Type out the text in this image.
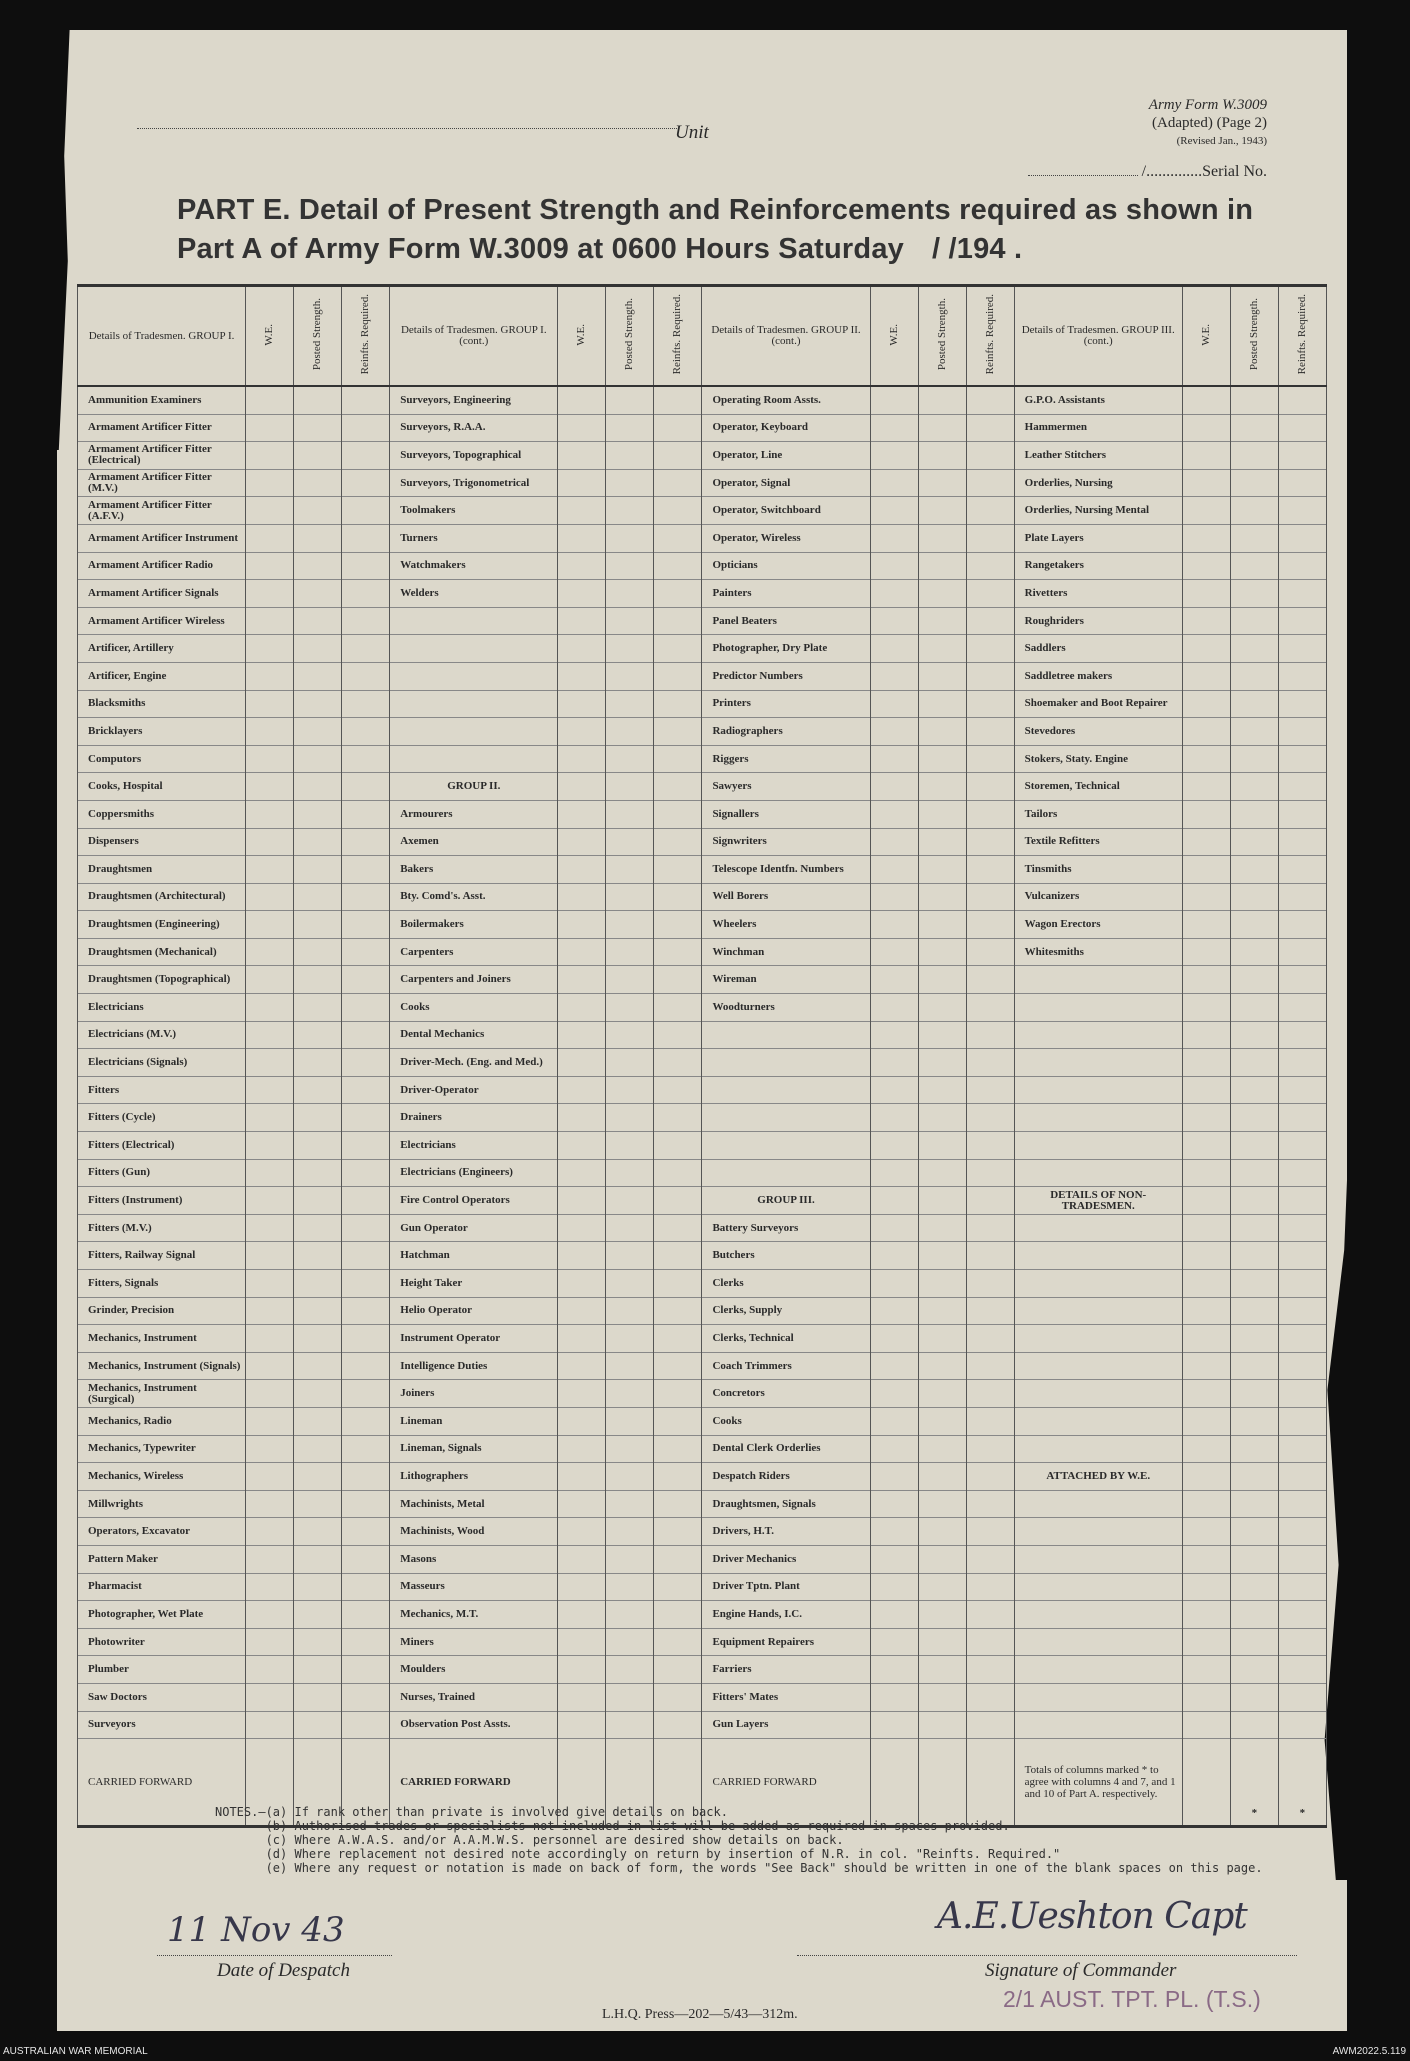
Unit
Army Form W.3009
(Adapted) (Page 2)
(Revised Jan., 1943)
/..............Serial No.
PART E. Detail of Present Strength and Reinforcements required as shown in
Part A of Army Form W.3009 at 0600 Hours Saturday / /194 .
Details of Tradesmen. GROUP I.	W.E.	Posted Strength.	Reinfts. Required.	Details of Tradesmen. GROUP I. (cont.)	W.E.	Posted Strength.	Reinfts. Required.	Details of Tradesmen. GROUP II. (cont.)	W.E.	Posted Strength.	Reinfts. Required.	Details of Tradesmen. GROUP III. (cont.)	W.E.	Posted Strength.	Reinfts. Required.
Ammunition Examiners				Surveyors, Engineering				Operating Room Assts.				G.P.O. Assistants			
Armament Artificer Fitter				Surveyors, R.A.A.				Operator, Keyboard				Hammermen			
Armament Artificer Fitter (Electrical)				Surveyors, Topographical				Operator, Line				Leather Stitchers			
Armament Artificer Fitter (M.V.)				Surveyors, Trigonometrical				Operator, Signal				Orderlies, Nursing			
Armament Artificer Fitter (A.F.V.)				Toolmakers				Operator, Switchboard				Orderlies, Nursing Mental			
Armament Artificer Instrument				Turners				Operator, Wireless				Plate Layers			
Armament Artificer Radio				Watchmakers				Opticians				Rangetakers			
Armament Artificer Signals				Welders				Painters				Rivetters			
Armament Artificer Wireless								Panel Beaters				Roughriders			
Artificer, Artillery								Photographer, Dry Plate				Saddlers			
Artificer, Engine								Predictor Numbers				Saddletree makers			
Blacksmiths								Printers				Shoemaker and Boot Repairer			
Bricklayers								Radiographers				Stevedores			
Computors								Riggers				Stokers, Staty. Engine			
Cooks, Hospital				GROUP II.				Sawyers				Storemen, Technical			
Coppersmiths				Armourers				Signallers				Tailors			
Dispensers				Axemen				Signwriters				Textile Refitters			
Draughtsmen				Bakers				Telescope Identfn. Numbers				Tinsmiths			
Draughtsmen (Architectural)				Bty. Comd's. Asst.				Well Borers				Vulcanizers			
Draughtsmen (Engineering)				Boilermakers				Wheelers				Wagon Erectors			
Draughtsmen (Mechanical)				Carpenters				Winchman				Whitesmiths			
Draughtsmen (Topographical)				Carpenters and Joiners				Wireman							
Electricians				Cooks				Woodturners							
Electricians (M.V.)				Dental Mechanics											
Electricians (Signals)				Driver-Mech. (Eng. and Med.)											
Fitters				Driver-Operator											
Fitters (Cycle)				Drainers											
Fitters (Electrical)				Electricians											
Fitters (Gun)				Electricians (Engineers)											
Fitters (Instrument)				Fire Control Operators				GROUP III.				DETAILS OF NON-TRADESMEN.			
Fitters (M.V.)				Gun Operator				Battery Surveyors							
Fitters, Railway Signal				Hatchman				Butchers							
Fitters, Signals				Height Taker				Clerks							
Grinder, Precision				Helio Operator				Clerks, Supply							
Mechanics, Instrument				Instrument Operator				Clerks, Technical							
Mechanics, Instrument (Signals)				Intelligence Duties				Coach Trimmers							
Mechanics, Instrument (Surgical)				Joiners				Concretors							
Mechanics, Radio				Lineman				Cooks							
Mechanics, Typewriter				Lineman, Signals				Dental Clerk Orderlies							
Mechanics, Wireless				Lithographers				Despatch Riders				ATTACHED BY W.E.			
Millwrights				Machinists, Metal				Draughtsmen, Signals							
Operators, Excavator				Machinists, Wood				Drivers, H.T.							
Pattern Maker				Masons				Driver Mechanics							
Pharmacist				Masseurs				Driver Tptn. Plant							
Photographer, Wet Plate				Mechanics, M.T.				Engine Hands, I.C.							
Photowriter				Miners				Equipment Repairers							
Plumber				Moulders				Farriers							
Saw Doctors				Nurses, Trained				Fitters' Mates							
Surveyors				Observation Post Assts.				Gun Layers							
CARRIED FORWARD				CARRIED FORWARD				CARRIED FORWARD				Totals of columns marked * to agree with columns 4 and 7, and 1 and 10 of Part A. respectively.		*	*
NOTES.—(a) If rank other than private is involved give details on back.
(b) Authorised trades or specialists not included in list will be added as required in spaces provided.
(c) Where A.W.A.S. and/or A.A.M.W.S. personnel are desired show details on back.
(d) Where replacement not desired note accordingly on return by insertion of N.R. in col. "Reinfts. Required."
(e) Where any request or notation is made on back of form, the words "See Back" should be written in one of the blank spaces on this page.
11 Nov 43
Date of Despatch
A.E.Ueshton Capt
Signature of Commander
2/1 AUST. TPT. PL. (T.S.)
L.H.Q. Press—202—5/43—312m.
AUSTRALIAN WAR MEMORIAL	AWM2022.5.119
